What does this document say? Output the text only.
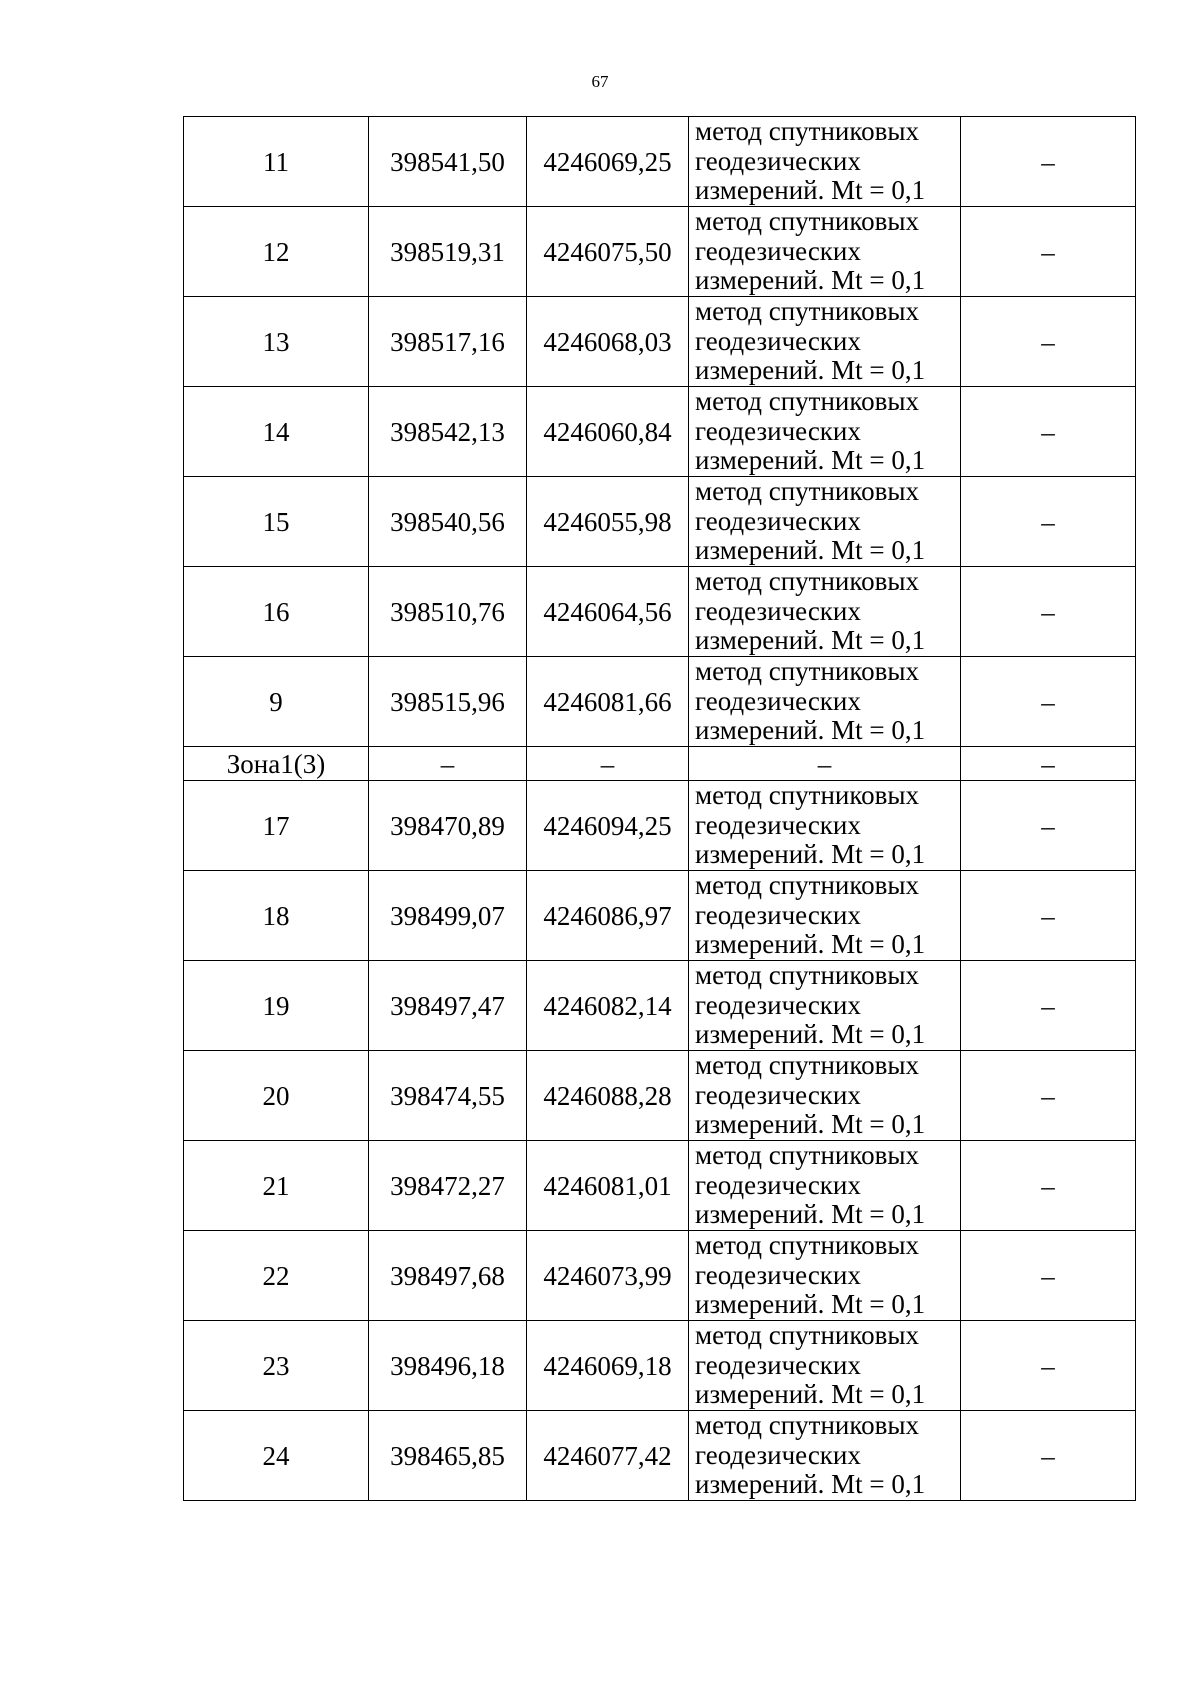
67
11	398541,50	4246069,25	метод спутниковых
геодезических
измерений. Mt = 0,1	–
12	398519,31	4246075,50	метод спутниковых
геодезических
измерений. Mt = 0,1	–
13	398517,16	4246068,03	метод спутниковых
геодезических
измерений. Mt = 0,1	–
14	398542,13	4246060,84	метод спутниковых
геодезических
измерений. Mt = 0,1	–
15	398540,56	4246055,98	метод спутниковых
геодезических
измерений. Mt = 0,1	–
16	398510,76	4246064,56	метод спутниковых
геодезических
измерений. Mt = 0,1	–
9	398515,96	4246081,66	метод спутниковых
геодезических
измерений. Mt = 0,1	–
Зона1(3)	–	–	–	–
17	398470,89	4246094,25	метод спутниковых
геодезических
измерений. Mt = 0,1	–
18	398499,07	4246086,97	метод спутниковых
геодезических
измерений. Mt = 0,1	–
19	398497,47	4246082,14	метод спутниковых
геодезических
измерений. Mt = 0,1	–
20	398474,55	4246088,28	метод спутниковых
геодезических
измерений. Mt = 0,1	–
21	398472,27	4246081,01	метод спутниковых
геодезических
измерений. Mt = 0,1	–
22	398497,68	4246073,99	метод спутниковых
геодезических
измерений. Mt = 0,1	–
23	398496,18	4246069,18	метод спутниковых
геодезических
измерений. Mt = 0,1	–
24	398465,85	4246077,42	метод спутниковых
геодезических
измерений. Mt = 0,1	–
